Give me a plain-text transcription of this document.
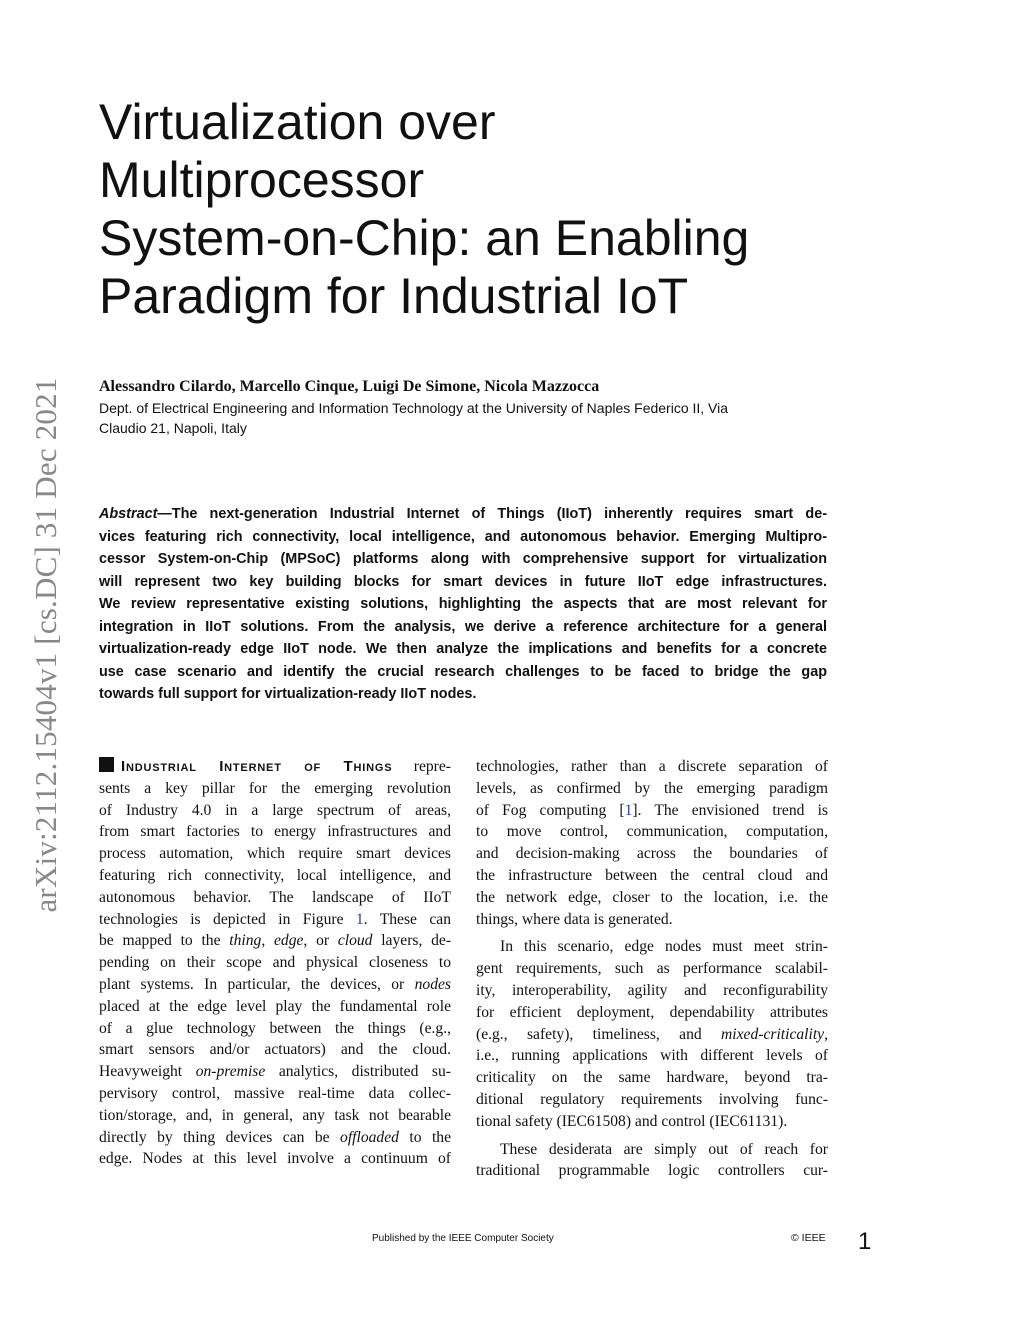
arXiv:2112.15404v1 [cs.DC] 31 Dec 2021
Virtualization over
Multiprocessor
System-on-Chip: an Enabling
Paradigm for Industrial IoT
Alessandro Cilardo, Marcello Cinque, Luigi De Simone, Nicola Mazzocca
Dept. of Electrical Engineering and Information Technology at the University of Naples Federico II, Via
Claudio 21, Napoli, Italy
Abstract—The next-generation Industrial Internet of Things (IIoT) inherently requires smart de-
vices featuring rich connectivity, local intelligence, and autonomous behavior. Emerging Multipro-
cessor System-on-Chip (MPSoC) platforms along with comprehensive support for virtualization
will represent two key building blocks for smart devices in future IIoT edge infrastructures.
We review representative existing solutions, highlighting the aspects that are most relevant for
integration in IIoT solutions. From the analysis, we derive a reference architecture for a general
virtualization-ready edge IIoT node. We then analyze the implications and benefits for a concrete
use case scenario and identify the crucial research challenges to be faced to bridge the gap
towards full support for virtualization-ready IIoT nodes.
Industrial Internet of Things repre-
sents a key pillar for the emerging revolution
of Industry 4.0 in a large spectrum of areas,
from smart factories to energy infrastructures and
process automation, which require smart devices
featuring rich connectivity, local intelligence, and
autonomous behavior. The landscape of IIoT
technologies is depicted in Figure 1. These can
be mapped to the thing, edge, or cloud layers, de-
pending on their scope and physical closeness to
plant systems. In particular, the devices, or nodes
placed at the edge level play the fundamental role
of a glue technology between the things (e.g.,
smart sensors and/or actuators) and the cloud.
Heavyweight on-premise analytics, distributed su-
pervisory control, massive real-time data collec-
tion/storage, and, in general, any task not bearable
directly by thing devices can be offloaded to the
edge. Nodes at this level involve a continuum of
technologies, rather than a discrete separation of
levels, as confirmed by the emerging paradigm
of Fog computing [1]. The envisioned trend is
to move control, communication, computation,
and decision-making across the boundaries of
the infrastructure between the central cloud and
the network edge, closer to the location, i.e. the
things, where data is generated.
In this scenario, edge nodes must meet strin-
gent requirements, such as performance scalabil-
ity, interoperability, agility and reconfigurability
for efficient deployment, dependability attributes
(e.g., safety), timeliness, and mixed-criticality,
i.e., running applications with different levels of
criticality on the same hardware, beyond tra-
ditional regulatory requirements involving func-
tional safety (IEC61508) and control (IEC61131).
These desiderata are simply out of reach for
traditional programmable logic controllers cur-
Published by the IEEE Computer Society	© IEEE 1
